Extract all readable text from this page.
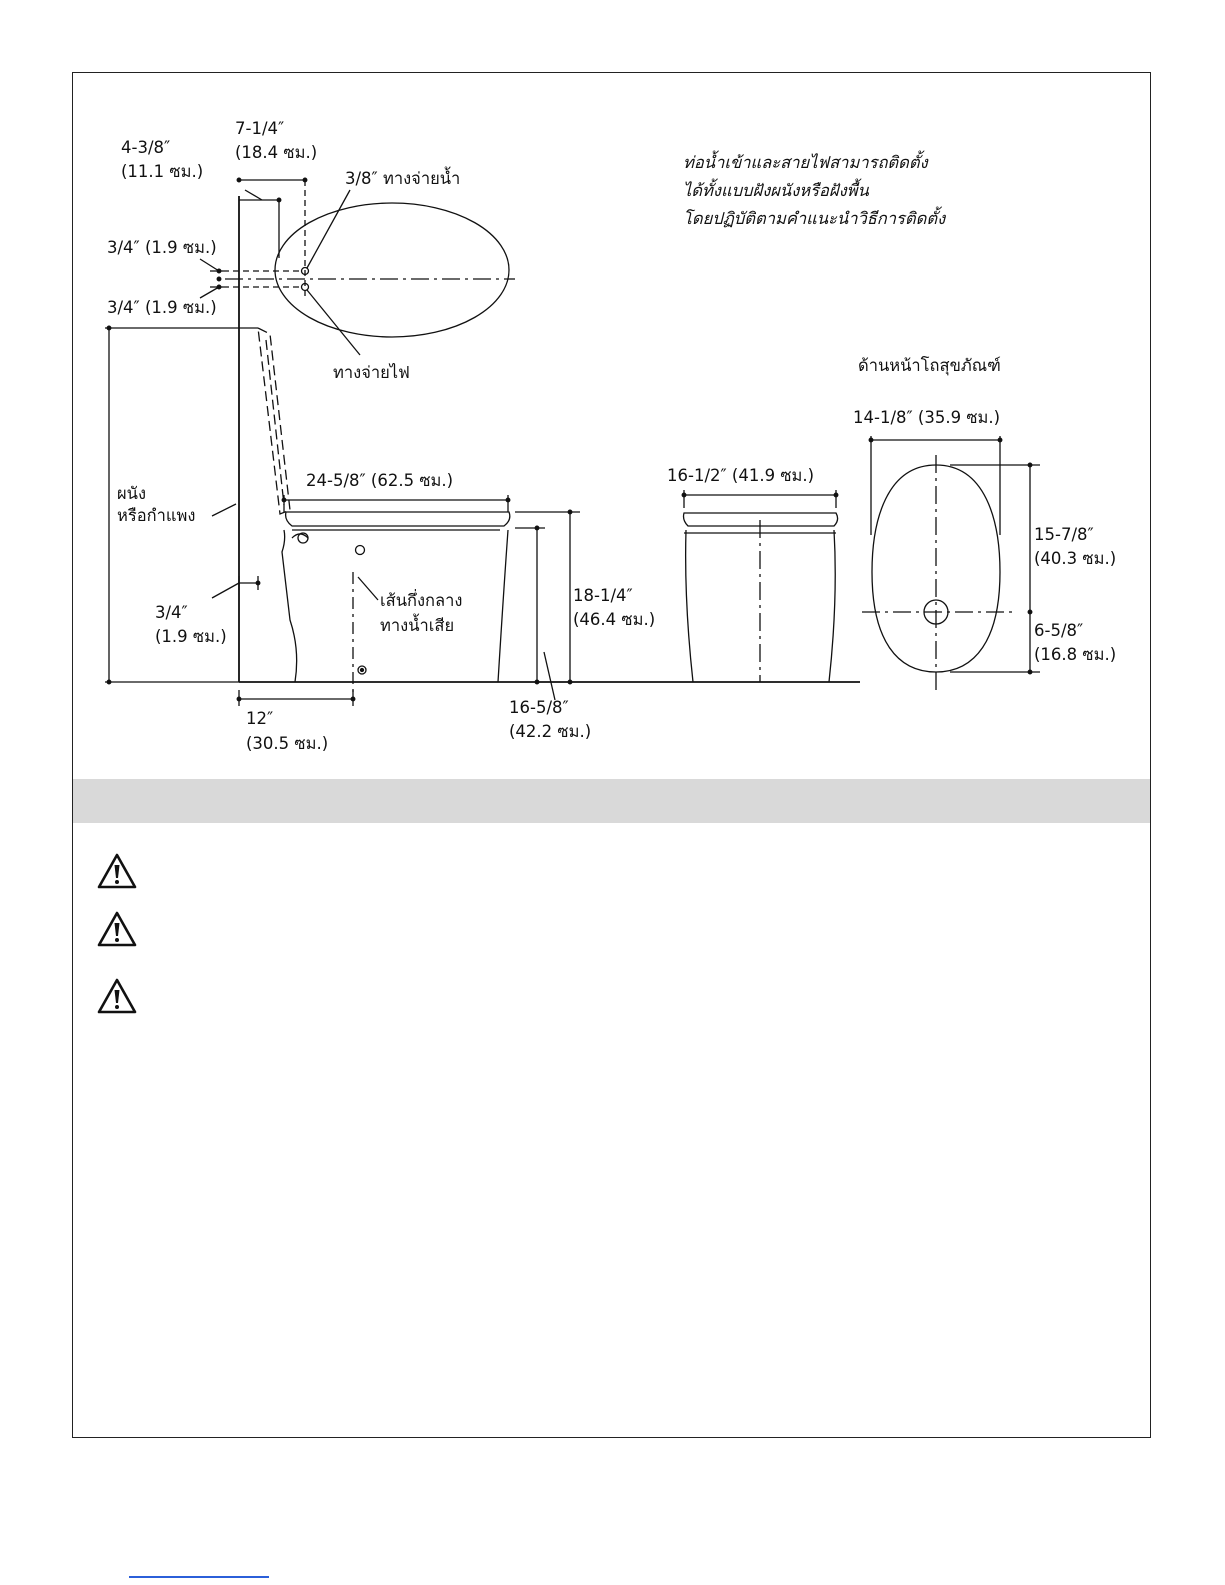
4-3/8″
(11.1 ซม.)
7-1/4″
(18.4 ซม.)
3/8″ ทางจ่ายน้ำ
3/4″ (1.9 ซม.)
3/4″ (1.9 ซม.)
ทางจ่ายไฟ
ท่อน้ำเข้าและสายไฟสามารถติดตั้ง
ได้ทั้งแบบฝังผนังหรือฝังพื้น
โดยปฏิบัติตามคำแนะนำวิธีการติดตั้ง
ด้านหน้าโถสุขภัณฑ์
ผนัง
หรือกำแพง
24-5/8″ (62.5 ซม.)
3/4″
(1.9 ซม.)
เส้นกึ่งกลาง
ทางน้ำเสีย
18-1/4″
(46.4 ซม.)
16-5/8″
(42.2 ซม.)
12″
(30.5 ซม.)
16-1/2″ (41.9 ซม.)
14-1/8″ (35.9 ซม.)
15-7/8″
(40.3 ซม.)
6-5/8″
(16.8 ซม.)
